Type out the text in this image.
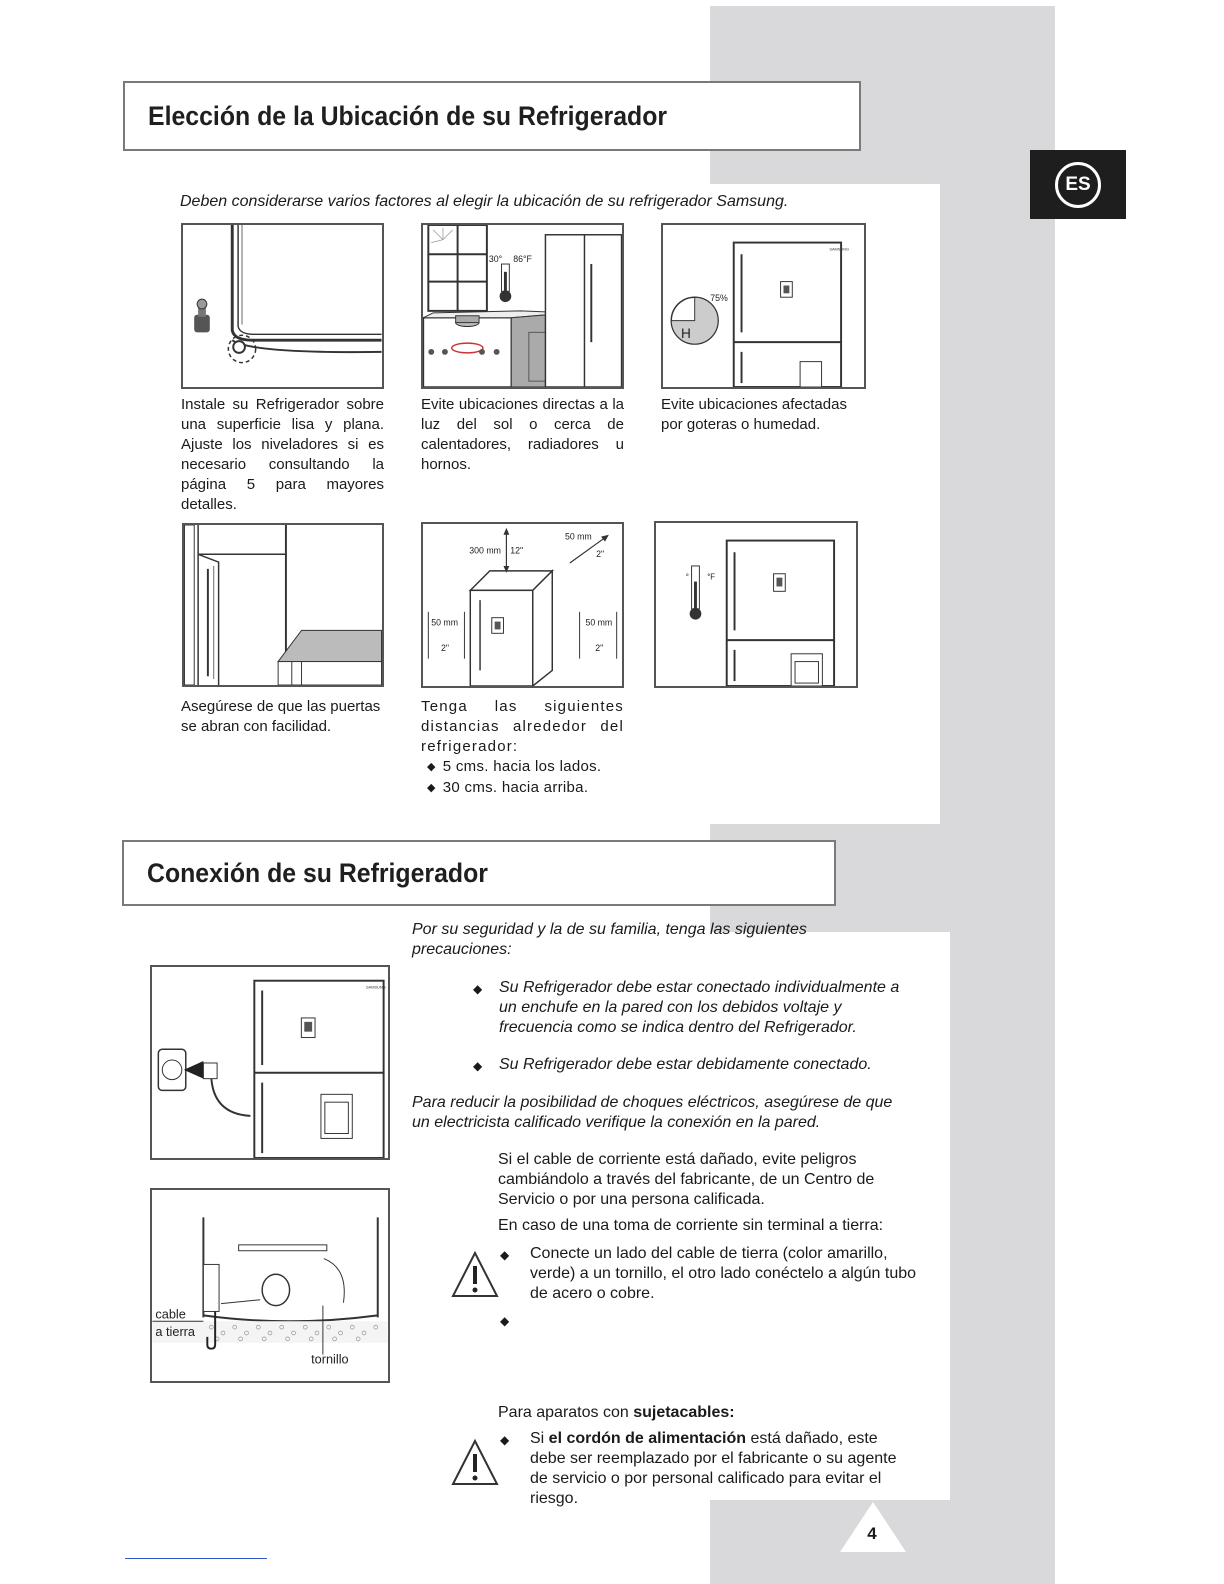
ES
Elección de la Ubicación de su Refrigerador
Deben considerarse varios factores al elegir la ubicación de su refrigerador Samsung.
30° 86°F
SAMSUNG
75%
H
Instale su Refrigerador sobre una superficie lisa y plana. Ajuste los niveladores si es necesario consultando la página 5 para mayores detalles.
Evite ubicaciones directas a la luz del sol o cerca de calentadores, radiadores u hornos.
Evite ubicaciones afectadas por goteras o humedad.
300 mm 12"
50 mm
2"
50 mm
2"
50 mm
2"
° °F
Asegúrese de que las puertas se abran con facilidad.
Tenga las siguientes distancias alrededor del refrigerador:
◆ 5 cms. hacia los lados.
◆ 30 cms. hacia arriba.
Conexión de su Refrigerador
Por su seguridad y la de su familia, tenga las siguientes precauciones:
SAMSUNG
cable
a tierra
tornillo
◆	Su Refrigerador debe estar conectado individualmente a un enchufe en la pared con los debidos voltaje y frecuencia como se indica dentro del Refrigerador.
◆	Su Refrigerador debe estar debidamente conectado.
Para reducir la posibilidad de choques eléctricos, asegúrese de que un electricista calificado verifique la conexión en la pared.
Si el cable de corriente está dañado, evite peligros cambiándolo a través del fabricante, de un Centro de Servicio o por una persona calificada.
En caso de una toma de corriente sin terminal a tierra:
◆	Conecte un lado del cable de tierra (color amarillo, verde) a un tornillo, el otro lado conéctelo a algún tubo de acero o cobre.
◆
Para aparatos con sujetacables:
◆	Si el cordón de alimentación está dañado, este debe ser reemplazado por el fabricante o su agente de servicio o por personal calificado para evitar el riesgo.
4
